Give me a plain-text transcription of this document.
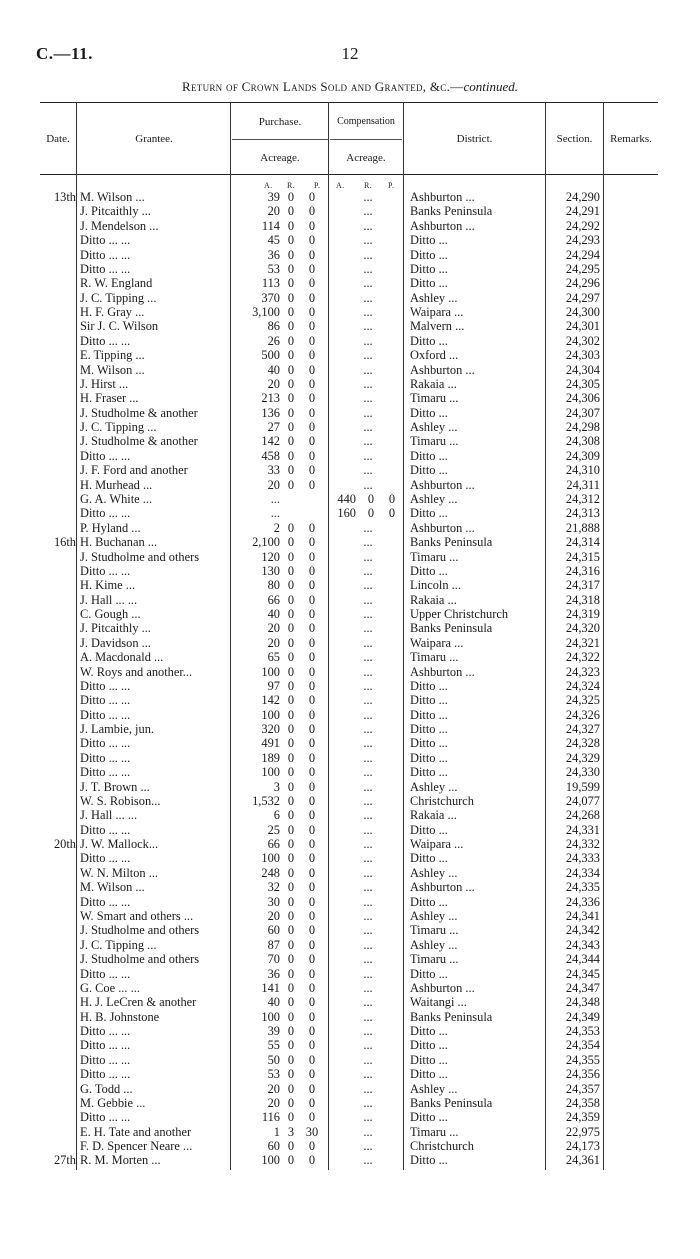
C.—11.	12
Return of Crown Lands Sold and Granted, &c.—continued.
Date.	Grantee.
Purchase.
Acreage.
Compensation
Acreage.
District.	Section.	Remarks.
A. R. P. A. R. P.
13th M. Wilson ...	39 0	0	...	Ashburton ...	24,290
J. Pitcaithly ...	20 0	0	...	Banks Peninsula	24,291
J. Mendelson ...	114 0	0	...	Ashburton ...	24,292
Ditto ... ...	45 0	0	...	Ditto ...	24,293
Ditto ... ...	36 0	0	...	Ditto ...	24,294
Ditto ... ...	53 0	0	...	Ditto ...	24,295
R. W. England	113 0	0	...	Ditto ...	24,296
J. C. Tipping ...	370 0	0	...	Ashley ...	24,297
H. F. Gray ...	3,100 0	0	...	Waipara ...	24,300
Sir J. C. Wilson	86 0	0	...	Malvern ...	24,301
Ditto ... ...	26 0	0	...	Ditto ...	24,302
E. Tipping ...	500 0	0	...	Oxford ...	24,303
M. Wilson ...	40 0	0	...	Ashburton ...	24,304
J. Hirst ...	20 0	0	...	Rakaia ...	24,305
H. Fraser ...	213 0	0	...	Timaru ...	24,306
J. Studholme & another	136 0	0	...	Ditto ...	24,307
J. C. Tipping ...	27 0	0	...	Ashley ...	24,298
J. Studholme & another	142 0	0	...	Timaru ...	24,308
Ditto ... ...	458 0	0	...	Ditto ...	24,309
J. F. Ford and another	33 0	0	...	Ditto ...	24,310
H. Murhead ...	20 0	0	...	Ashburton ...	24,311
G. A. White ...	...	440 0	0	Ashley ...	24,312
Ditto ... ...	...	160 0	0	Ditto ...	24,313
P. Hyland ...	2 0	0	...	Ashburton ...	21,888
16th H. Buchanan ...	2,100 0	0	...	Banks Peninsula	24,314
J. Studholme and others	120 0	0	...	Timaru ...	24,315
Ditto ... ...	130 0	0	...	Ditto ...	24,316
H. Kime ...	80 0	0	...	Lincoln ...	24,317
J. Hall ... ...	66 0	0	...	Rakaia ...	24,318
C. Gough ...	40 0	0	...	Upper Christchurch	24,319
J. Pitcaithly ...	20 0	0	...	Banks Peninsula	24,320
J. Davidson ...	20 0	0	...	Waipara ...	24,321
A. Macdonald ...	65 0	0	...	Timaru ...	24,322
W. Roys and another...	100 0	0	...	Ashburton ...	24,323
Ditto ... ...	97 0	0	...	Ditto ...	24,324
Ditto ... ...	142 0	0	...	Ditto ...	24,325
Ditto ... ...	100 0	0	...	Ditto ...	24,326
J. Lambie, jun.	320 0	0	...	Ditto ...	24,327
Ditto ... ...	491 0	0	...	Ditto ...	24,328
Ditto ... ...	189 0	0	...	Ditto ...	24,329
Ditto ... ...	100 0	0	...	Ditto ...	24,330
J. T. Brown ...	3 0	0	...	Ashley ...	19,599
W. S. Robison...	1,532 0	0	...	Christchurch	24,077
J. Hall ... ...	6 0	0	...	Rakaia ...	24,268
Ditto ... ...	25 0	0	...	Ditto ...	24,331
20th J. W. Mallock...	66 0	0	...	Waipara ...	24,332
Ditto ... ...	100 0	0	...	Ditto ...	24,333
W. N. Milton ...	248 0	0	...	Ashley ...	24,334
M. Wilson ...	32 0	0	...	Ashburton ...	24,335
Ditto ... ...	30 0	0	...	Ditto ...	24,336
W. Smart and others ...	20 0	0	...	Ashley ...	24,341
J. Studholme and others	60 0	0	...	Timaru ...	24,342
J. C. Tipping ...	87 0	0	...	Ashley ...	24,343
J. Studholme and others	70 0	0	...	Timaru ...	24,344
Ditto ... ...	36 0	0	...	Ditto ...	24,345
G. Coe ... ...	141 0	0	...	Ashburton ...	24,347
H. J. LeCren & another	40 0	0	...	Waitangi ...	24,348
H. B. Johnstone	100 0	0	...	Banks Peninsula	24,349
Ditto ... ...	39 0	0	...	Ditto ...	24,353
Ditto ... ...	55 0	0	...	Ditto ...	24,354
Ditto ... ...	50 0	0	...	Ditto ...	24,355
Ditto ... ...	53 0	0	...	Ditto ...	24,356
G. Todd ...	20 0	0	...	Ashley ...	24,357
M. Gebbie ...	20 0	0	...	Banks Peninsula	24,358
Ditto ... ...	116 0	0	...	Ditto ...	24,359
E. H. Tate and another	1 3 30	...	Timaru ...	22,975
F. D. Spencer Neare ...	60 0	0	...	Christchurch	24,173
27th R. M. Morten ...	100 0	0	...	Ditto ...	24,361
